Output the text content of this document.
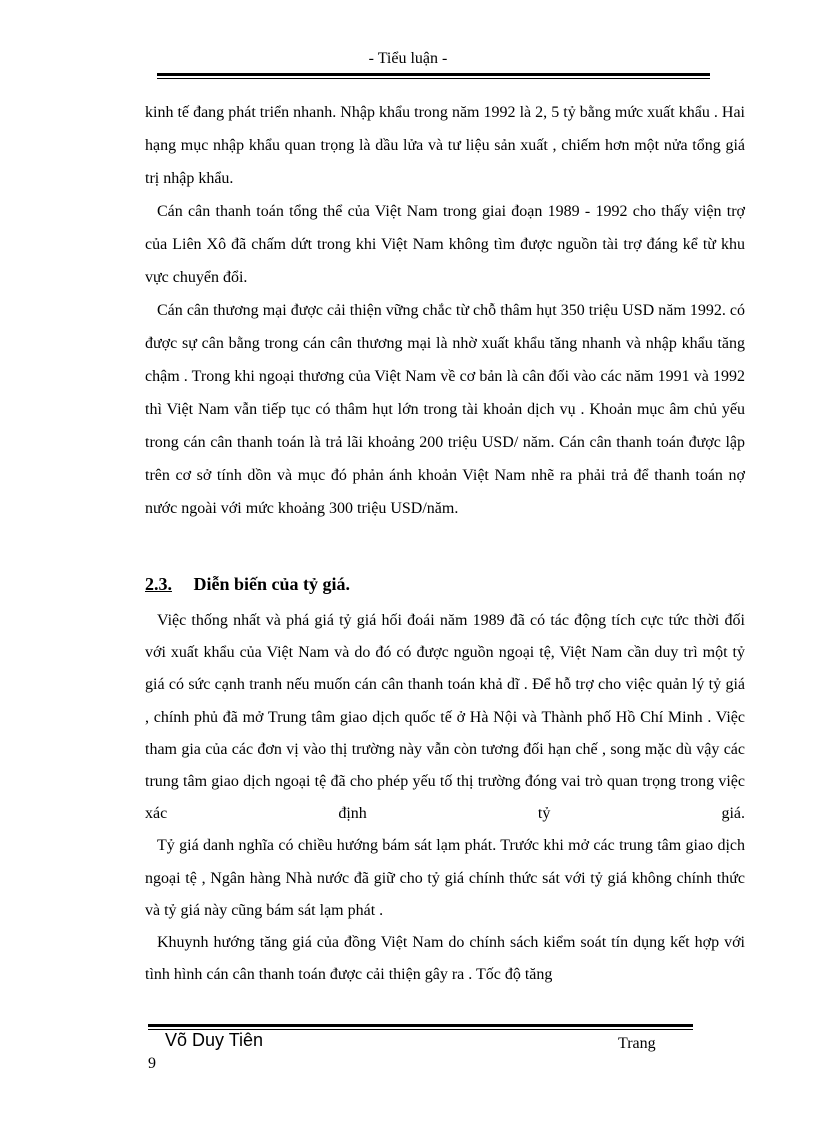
- Tiểu luận -

kinh tế đang phát triển nhanh. Nhập khẩu trong năm 1992 là 2, 5 tỷ bằng mức xuất khẩu . Hai hạng mục nhập khẩu quan trọng là dầu lửa và tư liệu sản xuất , chiếm hơn một nửa tổng giá trị nhập khẩu.

Cán cân thanh toán tổng thể của Việt Nam trong giai đoạn 1989 - 1992 cho thấy viện trợ của Liên Xô đã chấm dứt trong khi Việt Nam không tìm được nguồn tài trợ đáng kể từ khu vực chuyển đổi.

Cán cân thương mại được cải thiện vững chắc từ chỗ thâm hụt 350 triệu USD năm 1992. có được sự cân bằng trong cán cân thương mại là nhờ xuất khẩu tăng nhanh và nhập khẩu tăng chậm . Trong khi ngoại thương của Việt Nam về cơ bản là cân đối vào các năm 1991 và 1992 thì Việt Nam vẫn tiếp tục có thâm hụt lớn trong tài khoản dịch vụ . Khoản mục âm chủ yếu trong cán cân thanh toán là trả lãi khoảng 200 triệu USD/ năm. Cán cân thanh toán được lập trên cơ sở tính dồn và mục đó phản ánh khoản Việt Nam nhẽ ra phải trả để thanh toán nợ nước ngoài với mức khoảng 300 triệu USD/năm.

2.3. Diễn biến của tỷ giá.

Việc thống nhất và phá giá tỷ giá hối đoái năm 1989 đã có tác động tích cực tức thời đối với xuất khẩu của Việt Nam và do đó có được nguồn ngoại tệ, Việt Nam cần duy trì một tỷ giá có sức cạnh tranh nếu muốn cán cân thanh toán khả dĩ . Để hỗ trợ cho việc quản lý tỷ giá , chính phủ đã mở Trung tâm giao dịch quốc tế ở Hà Nội và Thành phố Hồ Chí Minh . Việc tham gia của các đơn vị vào thị trường này vẫn còn tương đối hạn chế , song mặc dù vậy các trung tâm giao dịch ngoại tệ đã cho phép yếu tố thị trường đóng vai trò quan trọng trong việc xác định tỷ giá.

Tỷ giá danh nghĩa có chiều hướng bám sát lạm phát. Trước khi mở các trung tâm giao dịch ngoại tệ , Ngân hàng Nhà nước đã giữ cho tỷ giá chính thức sát với tỷ giá không chính thức và tỷ giá này cũng bám sát lạm phát .

Khuynh hướng tăng giá của đồng Việt Nam do chính sách kiểm soát tín dụng kết hợp với tình hình cán cân thanh toán được cải thiện gây ra . Tốc độ tăng

Võ Duy Tiên	Trang
9
